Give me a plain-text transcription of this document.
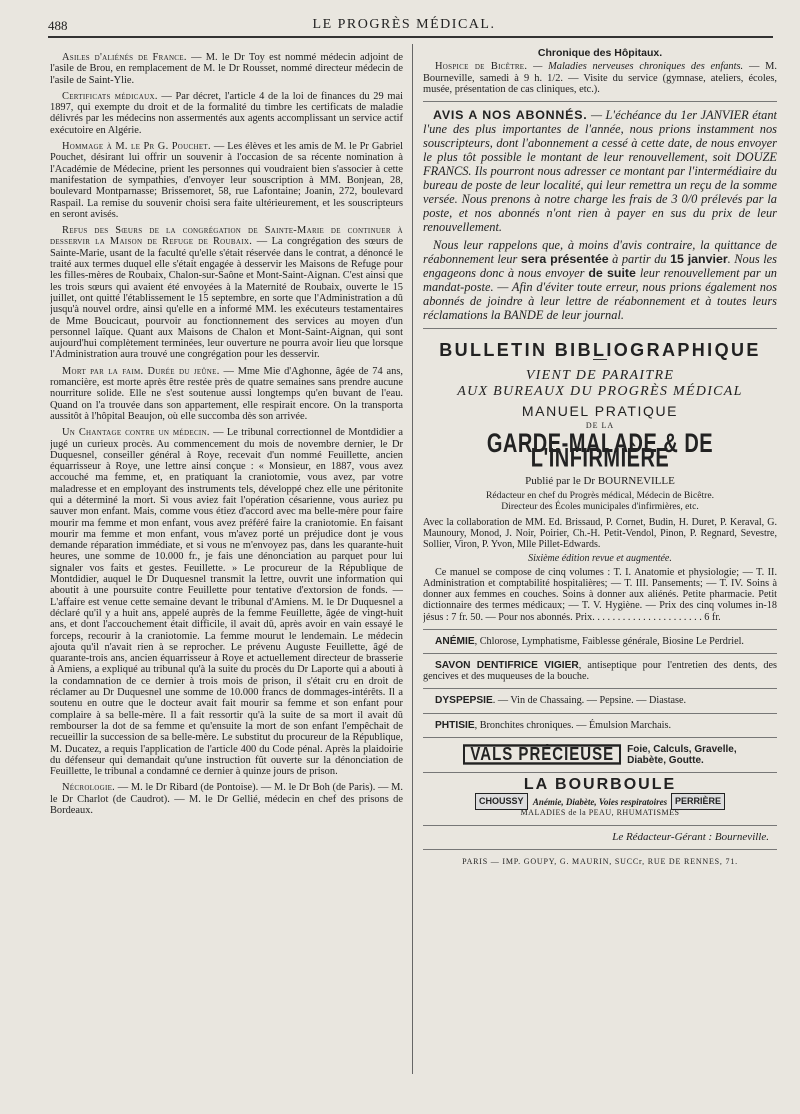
488	LE PROGRÈS MÉDICAL.

Asiles d'aliénés de France. — M. le Dr Toy est nommé médecin adjoint de l'asile de Brou, en remplacement de M. le Dr Rousset, nommé directeur médecin de l'asile de Saint-Ylie.

Certificats médicaux. — Par décret, l'article 4 de la loi de finances du 29 mai 1897, qui exempte du droit et de la formalité du timbre les certificats de maladie délivrés par les médecins non assermentés aux agents accomplissant un service actif exécutoire en Algérie.

Hommage à M. le Pr G. Pouchet. — Les élèves et les amis de M. le Pr Gabriel Pouchet, désirant lui offrir un souvenir à l'occasion de sa récente nomination à l'Académie de Médecine, prient les personnes qui voudraient bien s'associer à cette manifestation de sympathies, d'envoyer leur souscription à MM. Bonjean, 28, boulevard Montparnasse; Brissemoret, 58, rue Lafontaine; Joanin, 272, boulevard Raspail. La remise du souvenir choisi sera faite ultérieurement, et les souscripteurs en seront avisés.

Refus des Sœurs de la congrégation de Sainte-Marie de continuer à desservir la Maison de Refuge de Roubaix. — La congrégation des sœurs de Sainte-Marie, usant de la faculté qu'elle s'était réservée dans le contrat, a dénoncé le traité aux termes duquel elle s'était engagée à desservir les Maisons de Refuge pour les filles-mères de Roubaix, Chalon-sur-Saône et Mont-Saint-Aignan. C'est ainsi que les trois sœurs qui avaient été envoyées à la Maternité de Roubaix, ouverte le 15 juillet, ont quitté l'établissement le 15 septembre, en sorte que l'Administration a dû jusqu'à nouvel ordre, ainsi qu'elle en a informé MM. les exécuteurs testamentaires de Mme Boucicaut, pourvoir au fonctionnement des services au moyen d'un personnel laïque. Quant aux Maisons de Chalon et Mont-Saint-Aignan, qui sont aujourd'hui complètement terminées, leur ouverture ne pourra avoir lieu que lorsque l'Administration aura trouvé une congrégation pour les desservir.

Mort par la faim. Durée du jeûne. — Mme Mie d'Aghonne, âgée de 74 ans, romancière, est morte après être restée près de quatre semaines sans prendre aucune nourriture solide. Elle ne s'est soutenue aussi longtemps qu'en buvant de l'eau. Quand on l'a trouvée dans son appartement, elle respirait encore. On la transporta aussitôt à l'hôpital Beaujon, où elle succomba dès son arrivée.

Un Chantage contre un médecin. — Le tribunal correctionnel de Montdidier a jugé un curieux procès. Au commencement du mois de novembre dernier, le Dr Duquesnel, conseiller général à Roye, recevait d'un nommé Feuillette, ancien équarrisseur à Roye, une lettre ainsi conçue : « Monsieur, en 1887, vous avez accouché ma femme, et, en pratiquant la craniotomie, vous avez, par votre maladresse et en employant des instruments tels, développé chez elle une péritonite qui a déterminé la mort. Si vous aviez fait l'opération césarienne, vous auriez pu sauver mon enfant. Mais, comme vous étiez d'accord avec ma belle-mère pour faire mourir ma femme et mon enfant, vous avez préféré faire la craniotomie. En faisant mourir ma femme et mon enfant, vous m'avez porté un préjudice dont je vous demande réparation immédiate, et si vous ne m'envoyez pas, dans les quarante-huit heures, une somme de 10.000 fr., je fais une dénonciation au parquet pour lui signaler vos faits et gestes. Feuillette. » Le procureur de la République de Montdidier, auquel le Dr Duquesnel transmit la lettre, ouvrit une information qui aboutit à une poursuite contre Feuillette pour tentative d'extorsion de fonds. — L'affaire est venue cette semaine devant le tribunal d'Amiens. M. le Dr Duquesnel a déclaré qu'il y a huit ans, appelé auprès de la femme Feuillette, âgée de vingt-huit ans, et dont l'accouchement était difficile, il avait dû, après avoir en vain essayé le forceps, recourir à la craniotomie. La femme mourut le lendemain. Le médecin ajouta qu'il n'avait rien à se reprocher. Le prévenu Auguste Feuillette, âgé de quarante-trois ans, ancien équarrisseur à Roye et actuellement directeur de brasserie à Amiens, a expliqué au tribunal qu'à la suite du procès du Dr Laporte qui a abouti à la condamnation de ce dernier à trois mois de prison, il s'était cru en droit de réclamer au Dr Duquesnel une somme de 10.000 francs de dommages-intérêts. Il a soutenu en outre que le docteur avait fait mourir sa femme et son enfant pour complaire à sa belle-mère. Il a fait ressortir qu'à la suite de sa mort il avait dû rembourser la dot de sa femme et qu'ensuite la mort de son enfant l'empêchait de recueillir la succession de sa belle-mère. Le substitut du procureur de la République, M. Ducatez, a requis l'application de l'article 400 du Code pénal. Après la plaidoirie du défenseur qui demandait qu'une instruction fût ouverte sur la dénonciation de Feuillette, le tribunal a condamné ce dernier à quinze jours de prison.

Nécrologie. — M. le Dr Ribard (de Pontoise). — M. le Dr Boh (de Paris). — M. le Dr Charlot (de Caudrot). — M. le Dr Gellié, médecin en chef des prisons de Bordeaux.

Chronique des Hôpitaux.

Hospice de Bicêtre. — Maladies nerveuses chroniques des enfants. — M. Bourneville, samedi à 9 h. 1/2. — Visite du service (gymnase, ateliers, écoles, musée, présentation de cas cliniques, etc.).

AVIS A NOS ABONNÉS. — L'échéance du 1er JANVIER étant l'une des plus importantes de l'année, nous prions instamment nos souscripteurs, dont l'abonnement a cessé à cette date, de nous envoyer le plus tôt possible le montant de leur renouvellement, soit DOUZE FRANCS. Ils pourront nous adresser ce montant par l'intermédiaire du bureau de poste de leur localité, qui leur remettra un reçu de la somme versée. Nous prenons à notre charge les frais de 3 0/0 prélevés par la poste, et nos abonnés n'ont rien à payer en sus du prix de leur renouvellement.

Nous leur rappelons que, à moins d'avis contraire, la quittance de réabonnement leur sera présentée à partir du 15 janvier. Nous les engageons donc à nous envoyer de suite leur renouvellement par un mandat-poste. — Afin d'éviter toute erreur, nous prions également nos abonnés de joindre à leur lettre de réabonnement et à toutes leurs réclamations la BANDE de leur journal.

BULLETIN BIBLIOGRAPHIQUE
VIENT DE PARAITRE
AUX BUREAUX DU PROGRÈS MÉDICAL
MANUEL PRATIQUE
DE LA
GARDE-MALADE & DE L'INFIRMIÈRE
Publié par le Dr BOURNEVILLE
Rédacteur en chef du Progrès médical, Médecin de Bicêtre.
Directeur des Écoles municipales d'infirmières, etc.
Avec la collaboration de MM. Ed. Brissaud, P. Cornet, Budin, H. Duret, P. Keraval, G. Maunoury, Monod, J. Noir, Poirier, Ch.-H. Petit-Vendol, Pinon, P. Regnard, Sevestre, Sollier, Viron, P. Yvon, Mlle Pillet-Edwards.
Sixième édition revue et augmentée.

Ce manuel se compose de cinq volumes : T. I. Anatomie et physiologie; — T. II. Administration et comptabilité hospitalières; — T. III. Pansements; — T. IV. Soins à donner aux femmes en couches. Soins à donner aux aliénés. Petite pharmacie. Petit dictionnaire des termes médicaux; — T. V. Hygiène. — Prix des cinq volumes in-18 jésus : 7 fr. 50. — Pour nos abonnés. Prix. . . . . . . . . . . . . . . . . . . . . . 6 fr.

ANÉMIE, Chlorose, Lymphatisme, Faiblesse générale, Biosine Le Perdriel.

SAVON DENTIFRICE VIGIER, antiseptique pour l'entretien des dents, des gencives et des muqueuses de la bouche.

DYSPEPSIE. — Vin de Chassaing. — Pepsine. — Diastase.

PHTISIE, Bronchites chroniques. — Émulsion Marchais.

VALS PRÉCIEUSE	Foie, Calculs, Gravelle,
Diabète, Goutte.
CHOUSSY	PERRIÈRE
LA BOURBOULE
Anémie, Diabète, Voies respiratoires
MALADIES de la PEAU, RHUMATISMES
Le Rédacteur-Gérant : Bourneville.
PARIS — IMP. GOUPY, G. MAURIN, SUCCr, RUE DE RENNES, 71.
